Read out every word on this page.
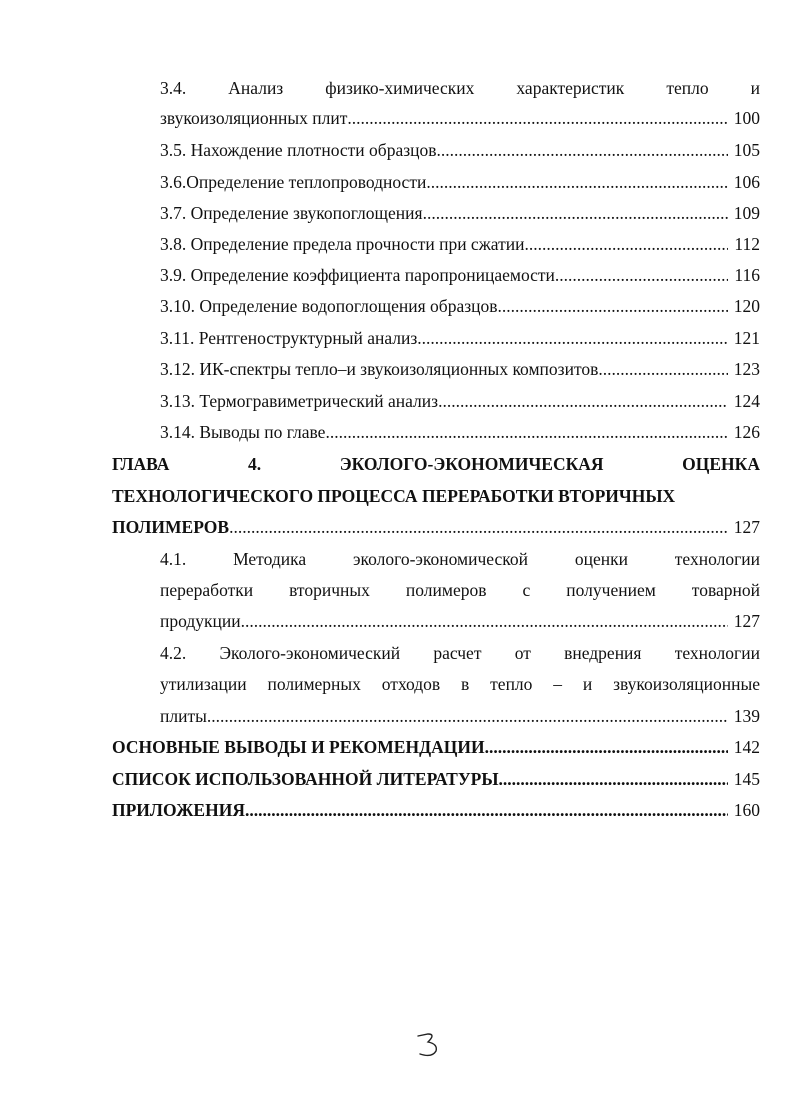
3.4. Анализ физико-химических характеристик тепло и
звукоизоляционных плит .....	100
3.5. Нахождение плотности образцов .....	105
3.6.Определение теплопроводности .....	106
3.7. Определение звукопоглощения .....	109
3.8. Определение предела прочности при сжатии .....	112
3.9. Определение коэффициента паропроницаемости .....	116
3.10. Определение водопоглощения образцов .....	120
3.11. Рентгеноструктурный анализ .....	121
3.12. ИК-спектры тепло–и звукоизоляционных композитов .....	123
3.13. Термогравиметрический анализ .....	124
3.14. Выводы по главе .....	126
ГЛАВА	4.	ЭКОЛОГО-ЭКОНОМИЧЕСКАЯ	ОЦЕНКА
ТЕХНОЛОГИЧЕСКОГО ПРОЦЕССА ПЕРЕРАБОТКИ ВТОРИЧНЫХ
ПОЛИМЕРОВ .....	127
4.1.	Методика	эколого-экономической	оценки	технологии
переработки вторичных полимеров с получением товарной
продукции .....	127
4.2. Эколого-экономический расчет от внедрения технологии
утилизации полимерных отходов в тепло – и звукоизоляционные
плиты .....	139
ОСНОВНЫЕ ВЫВОДЫ И РЕКОМЕНДАЦИИ .....	142
СПИСОК ИСПОЛЬЗОВАННОЙ ЛИТЕРАТУРЫ .....	145
ПРИЛОЖЕНИЯ .....	160
